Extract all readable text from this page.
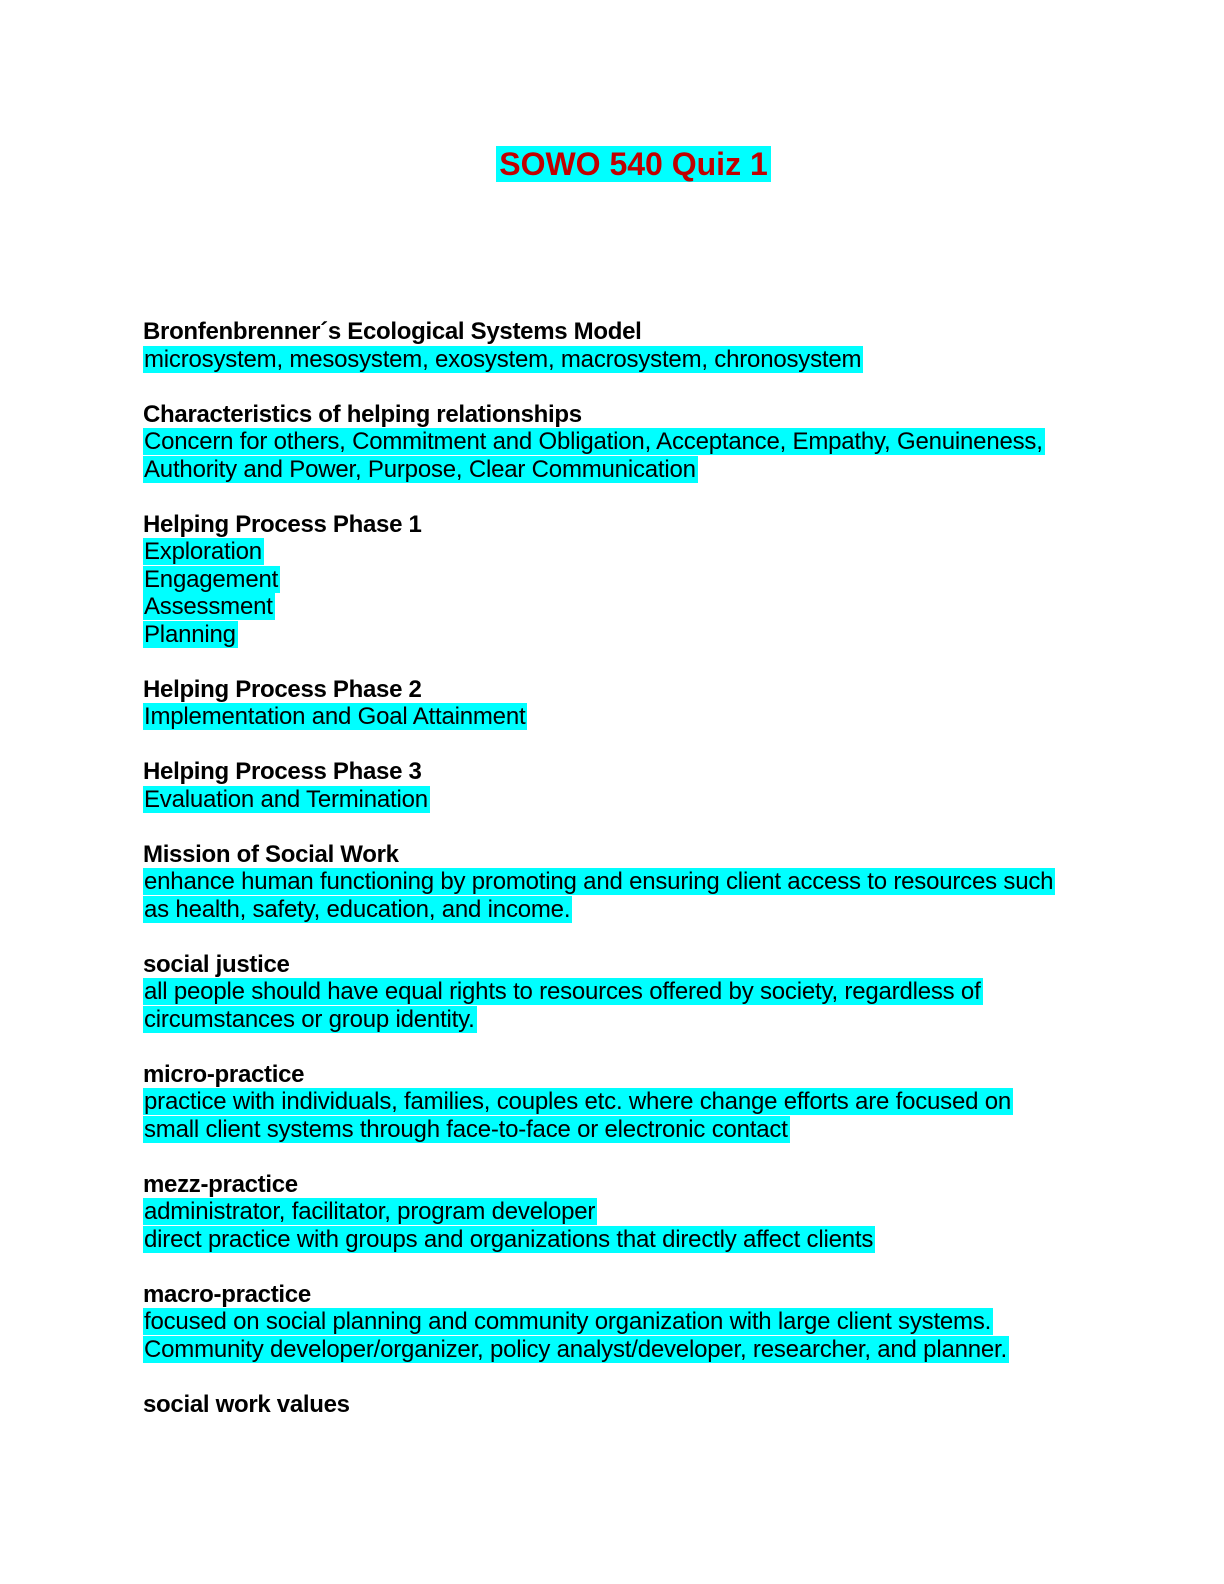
SOWO 540 Quiz 1
Bronfenbrenner´s Ecological Systems Model
microsystem, mesosystem, exosystem, macrosystem, chronosystem
Characteristics of helping relationships
Concern for others, Commitment and Obligation, Acceptance, Empathy, Genuineness,
Authority and Power, Purpose, Clear Communication
Helping Process Phase 1
Exploration
Engagement
Assessment
Planning
Helping Process Phase 2
Implementation and Goal Attainment
Helping Process Phase 3
Evaluation and Termination
Mission of Social Work
enhance human functioning by promoting and ensuring client access to resources such
as health, safety, education, and income.
social justice
all people should have equal rights to resources offered by society, regardless of
circumstances or group identity.
micro-practice
practice with individuals, families, couples etc. where change efforts are focused on
small client systems through face-to-face or electronic contact
mezz-practice
administrator, facilitator, program developer
direct practice with groups and organizations that directly affect clients
macro-practice
focused on social planning and community organization with large client systems.
Community developer/organizer, policy analyst/developer, researcher, and planner.
social work values
